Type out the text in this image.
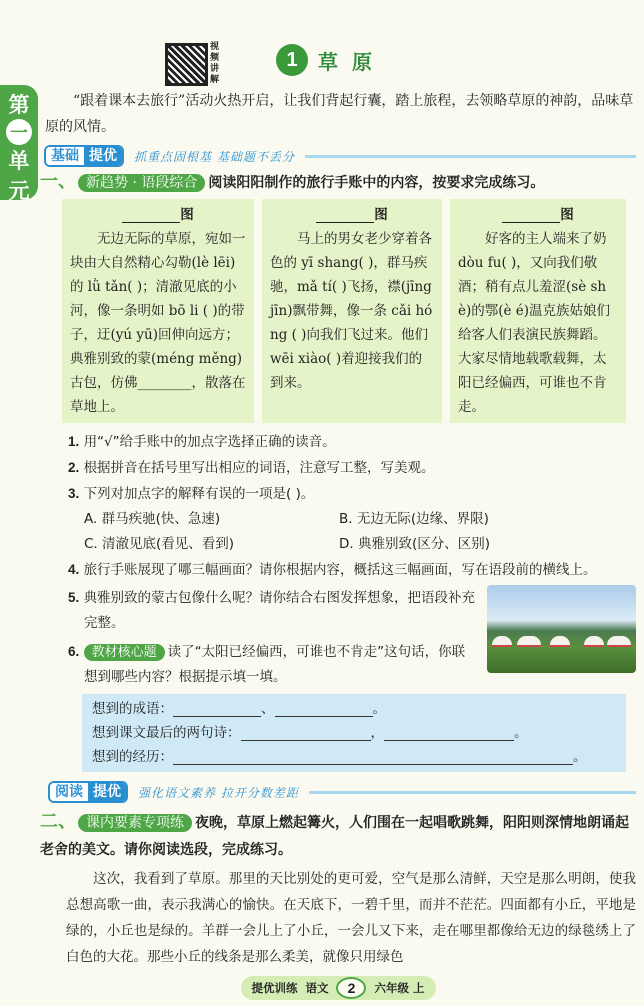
第
一
单
元
视频讲解
1	草原
“跟着课本去旅行”活动火热开启，让我们背起行囊，踏上旅程，去领略草原的神韵，品味草原的风情。
基础 提优	抓重点固根基 基础题不丢分
一、 新趋势 · 语段综合 阅读阳阳制作的旅行手账中的内容，按要求完成练习。
图
无边无际的草原，宛如一块由大自然精心勾勒(lè lēi)的 lǜ tǎn( )；清澈见底的小河，像一条明如 bō li ( )的带子，迂(yú yū)回伸向远方；典雅别致的蒙(méng měng)古包，仿佛________，散落在草地上。
图
马上的男女老少穿着各色的 yī shang( )，群马疾驰，mǎ tí( )飞扬，襟(jīng jīn)飘带舞，像一条 cǎi hóng ( )向我们飞过来。他们 wēi xiào( )着迎接我们的到来。
图
好客的主人端来了奶 dòu fu( )，又向我们敬酒；稍有点儿羞涩(sè shè)的鄂(è é)温克族姑娘们给客人们表演民族舞蹈。大家尽情地载歌载舞，太阳已经偏西，可谁也不肯走。
1. 用“√”给手账中的加点字选择正确的读音。
2. 根据拼音在括号里写出相应的词语，注意写工整，写美观。
3. 下列对加点字的解释有误的一项是( )。
A. 群马疾驰(快、急速)	B. 无边无际(边缘、界限)
C. 清澈见底(看见、看到)	D. 典雅别致(区分、区别)
4. 旅行手账展现了哪三幅画面？请你根据内容，概括这三幅画面，写在语段前的横线上。
5. 典雅别致的蒙古包像什么呢？请你结合右图发挥想象，把语段补充完整。
6. 教材核心题 读了“太阳已经偏西，可谁也不肯走”这句话，你联想到哪些内容？根据提示填一填。
想到的成语：	、	。
想到课文最后的两句诗：	，	。
想到的经历：	。
阅读 提优	强化语文素养 拉开分数差距
二、 课内要素专项练 夜晚，草原上燃起篝火，人们围在一起唱歌跳舞，阳阳则深情地朗诵起老舍的美文。请你阅读选段，完成练习。
这次，我看到了草原。那里的天比别处的更可爱，空气是那么清鲜，天空是那么明朗，使我总想高歌一曲，表示我满心的愉快。在天底下，一碧千里，而并不茫茫。四面都有小丘，平地是绿的，小丘也是绿的。羊群一会儿上了小丘，一会儿又下来，走在哪里都像给无边的绿毯绣上了白色的大花。那些小丘的线条是那么柔美，就像只用绿色
提优训练 语文	2	六年级 上
